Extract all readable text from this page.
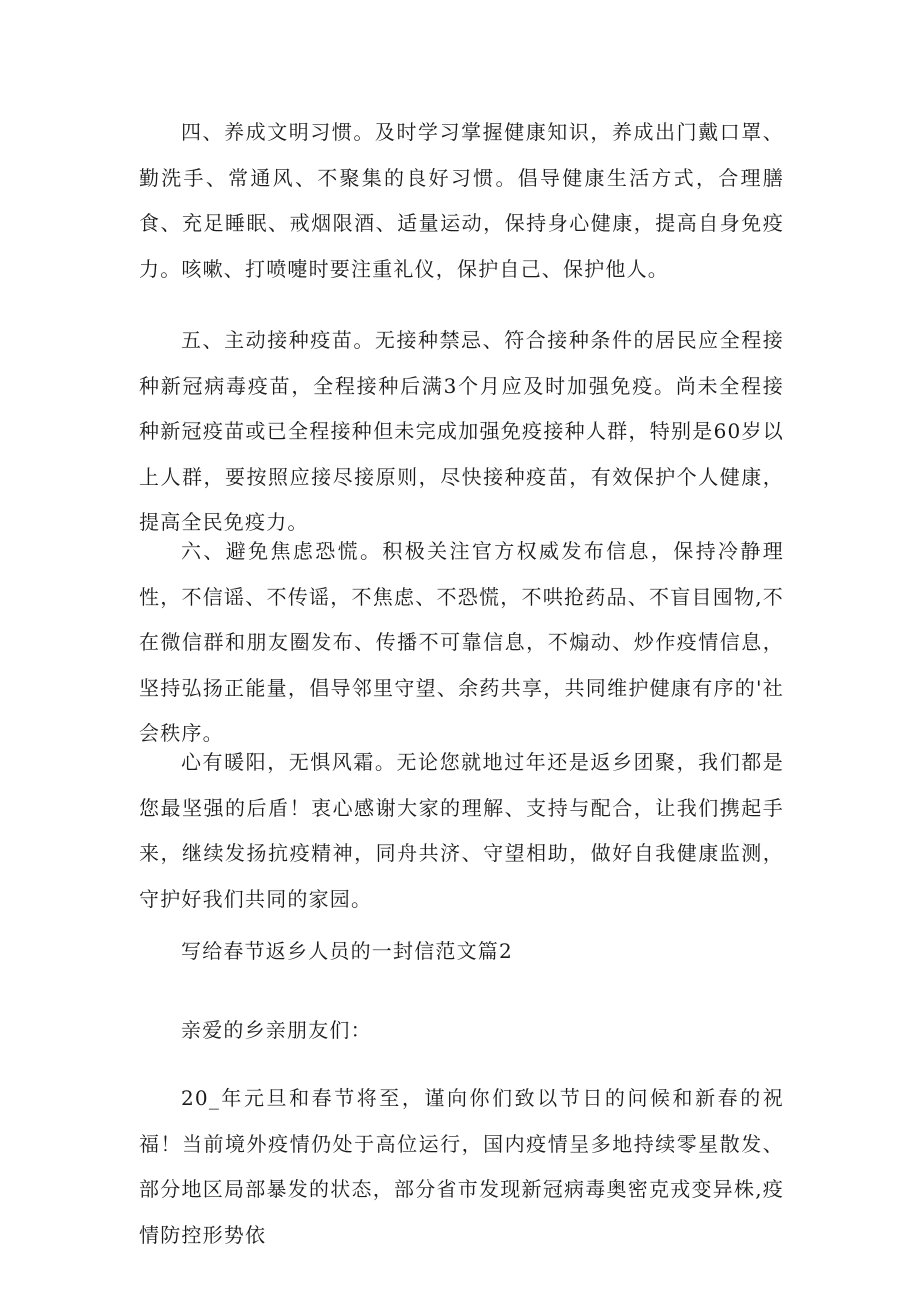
四、养成文明习惯。及时学习掌握健康知识，养成出门戴口罩、勤洗手、常通风、不聚集的良好习惯。倡导健康生活方式，合理膳食、充足睡眠、戒烟限酒、适量运动，保持身心健康，提高自身免疫力。咳嗽、打喷嚏时要注重礼仪，保护自己、保护他人。

五、主动接种疫苗。无接种禁忌、符合接种条件的居民应全程接种新冠病毒疫苗，全程接种后满3个月应及时加强免疫。尚未全程接种新冠疫苗或已全程接种但未完成加强免疫接种人群，特别是60岁以上人群，要按照应接尽接原则，尽快接种疫苗，有效保护个人健康，提高全民免疫力。

六、避免焦虑恐慌。积极关注官方权威发布信息，保持冷静理性，不信谣、不传谣，不焦虑、不恐慌，不哄抢药品、不盲目囤物,不在微信群和朋友圈发布、传播不可靠信息，不煽动、炒作疫情信息，坚持弘扬正能量，倡导邻里守望、余药共享，共同维护健康有序的'社会秩序。

心有暖阳，无惧风霜。无论您就地过年还是返乡团聚，我们都是您最坚强的后盾！衷心感谢大家的理解、支持与配合，让我们携起手来，继续发扬抗疫精神，同舟共济、守望相助，做好自我健康监测，守护好我们共同的家园。

写给春节返乡人员的一封信范文篇2

亲爱的乡亲朋友们：

20_年元旦和春节将至，谨向你们致以节日的问候和新春的祝福！当前境外疫情仍处于高位运行，国内疫情呈多地持续零星散发、部分地区局部暴发的状态，部分省市发现新冠病毒奥密克戎变异株,疫情防控形势依
